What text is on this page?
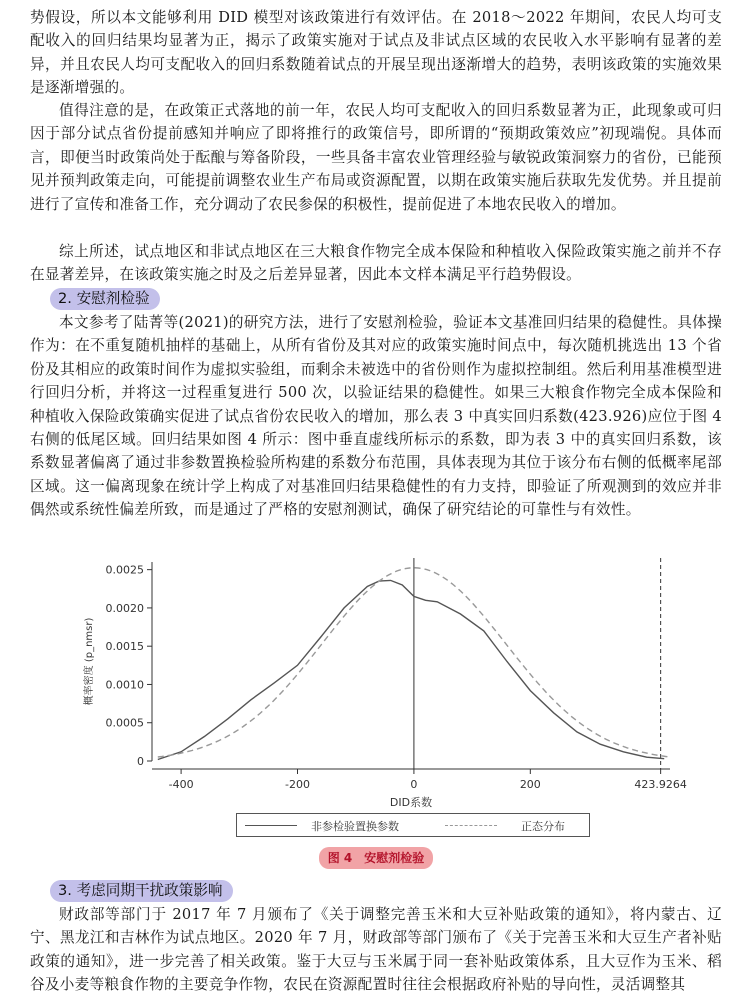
势假设，所以本文能够利用 DID 模型对该政策进行有效评估。在 2018～2022 年期间，农民人均可支配收入的回归结果均显著为正，揭示了政策实施对于试点及非试点区域的农民收入水平影响有显著的差异，并且农民人均可支配收入的回归系数随着试点的开展呈现出逐渐增大的趋势，表明该政策的实施效果是逐渐增强的。

值得注意的是，在政策正式落地的前一年，农民人均可支配收入的回归系数显著为正，此现象或可归因于部分试点省份提前感知并响应了即将推行的政策信号，即所谓的“预期政策效应”初现端倪。具体而言，即便当时政策尚处于酝酿与筹备阶段，一些具备丰富农业管理经验与敏锐政策洞察力的省份，已能预见并预判政策走向，可能提前调整农业生产布局或资源配置，以期在政策实施后获取先发优势。并且提前进行了宣传和准备工作，充分调动了农民参保的积极性，提前促进了本地农民收入的增加。

综上所述，试点地区和非试点地区在三大粮食作物完全成本保险和种植收入保险政策实施之前并不存在显著差异，在该政策实施之时及之后差异显著，因此本文样本满足平行趋势假设。

2. 安慰剂检验

本文参考了陆菁等(2021)的研究方法，进行了安慰剂检验，验证本文基准回归结果的稳健性。具体操作为：在不重复随机抽样的基础上，从所有省份及其对应的政策实施时间点中，每次随机挑选出 13 个省份及其相应的政策时间作为虚拟实验组，而剩余未被选中的省份则作为虚拟控制组。然后利用基准模型进行回归分析，并将这一过程重复进行 500 次，以验证结果的稳健性。如果三大粮食作物完全成本保险和种植收入保险政策确实促进了试点省份农民收入的增加，那么表 3 中真实回归系数(423.926)应位于图 4 右侧的低尾区域。回归结果如图 4 所示：图中垂直虚线所标示的系数，即为表 3 中的真实回归系数，该系数显著偏离了通过非参数置换检验所构建的系数分布范围，具体表现为其位于该分布右侧的低概率尾部区域。这一偏离现象在统计学上构成了对基准回归结果稳健性的有力支持，即验证了所观测到的效应并非偶然或系统性偏差所致，而是通过了严格的安慰剂测试，确保了研究结论的可靠性与有效性。

0
0.0005
0.0010
0.0015
0.0020
0.0025
-400	-200	0	200	423.9264
DID系数
概率密度 (p_nmsr)
非参检验置换参数	正态分布
图 4　安慰剂检验
3. 考虑同期干扰政策影响

财政部等部门于 2017 年 7 月颁布了《关于调整完善玉米和大豆补贴政策的通知》，将内蒙古、辽宁、黑龙江和吉林作为试点地区。2020 年 7 月，财政部等部门颁布了《关于完善玉米和大豆生产者补贴政策的通知》，进一步完善了相关政策。鉴于大豆与玉米属于同一套补贴政策体系，且大豆作为玉米、稻谷及小麦等粮食作物的主要竞争作物，农民在资源配置时往往会根据政府补贴的导向性，灵活调整其
